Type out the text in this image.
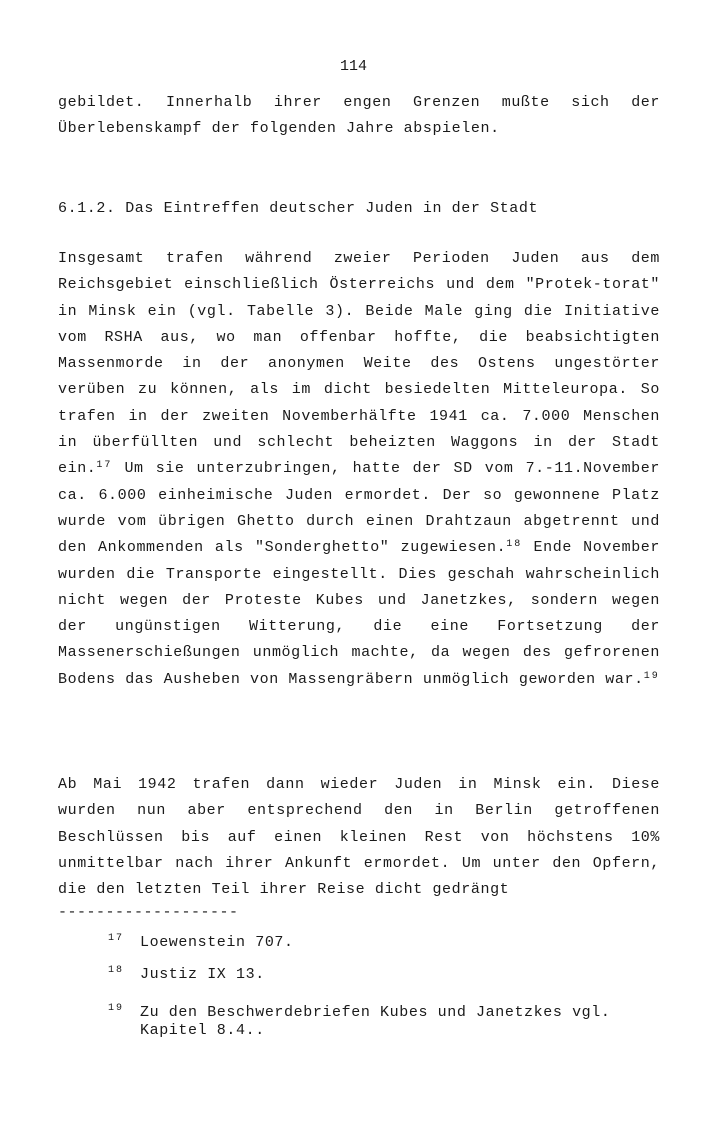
114

gebildet. Innerhalb ihrer engen Grenzen mußte sich der Überlebenskampf der folgenden Jahre abspielen.

6.1.2. Das Eintreffen deutscher Juden in der Stadt

Insgesamt trafen während zweier Perioden Juden aus dem Reichsgebiet einschließlich Österreichs und dem "Protek-torat" in Minsk ein (vgl. Tabelle 3). Beide Male ging die Initiative vom RSHA aus, wo man offenbar hoffte, die beabsichtigten Massenmorde in der anonymen Weite des Ostens ungestörter verüben zu können, als im dicht besiedelten Mitteleuropa. So trafen in der zweiten Novemberhälfte 1941 ca. 7.000 Menschen in überfüllten und schlecht beheizten Waggons in der Stadt ein.$^{17}$ Um sie unterzubringen, hatte der SD vom 7.-11.November ca. 6.000 einheimische Juden ermordet. Der so gewonnene Platz wurde vom übrigen Ghetto durch einen Drahtzaun abgetrennt und den Ankommenden als "Sonderghetto" zugewiesen.$^{18}$ Ende November wurden die Transporte eingestellt. Dies geschah wahrscheinlich nicht wegen der Proteste Kubes und Janetzkes, sondern wegen der ungünstigen Witterung, die eine Fortsetzung der Massenerschießungen unmöglich machte, da wegen des gefrorenen Bodens das Ausheben von Massengräbern unmöglich geworden war.$^{19}$

Ab Mai 1942 trafen dann wieder Juden in Minsk ein. Diese wurden nun aber entsprechend den in Berlin getroffenen Beschlüssen bis auf einen kleinen Rest von höchstens 10% unmittelbar nach ihrer Ankunft ermordet. Um unter den Opfern, die den letzten Teil ihrer Reise dicht gedrängt

-------------------
17 Loewenstein 707.
18 Justiz IX 13.
19 Zu den Beschwerdebriefen Kubes und Janetzkes vgl. Kapitel 8.4..
